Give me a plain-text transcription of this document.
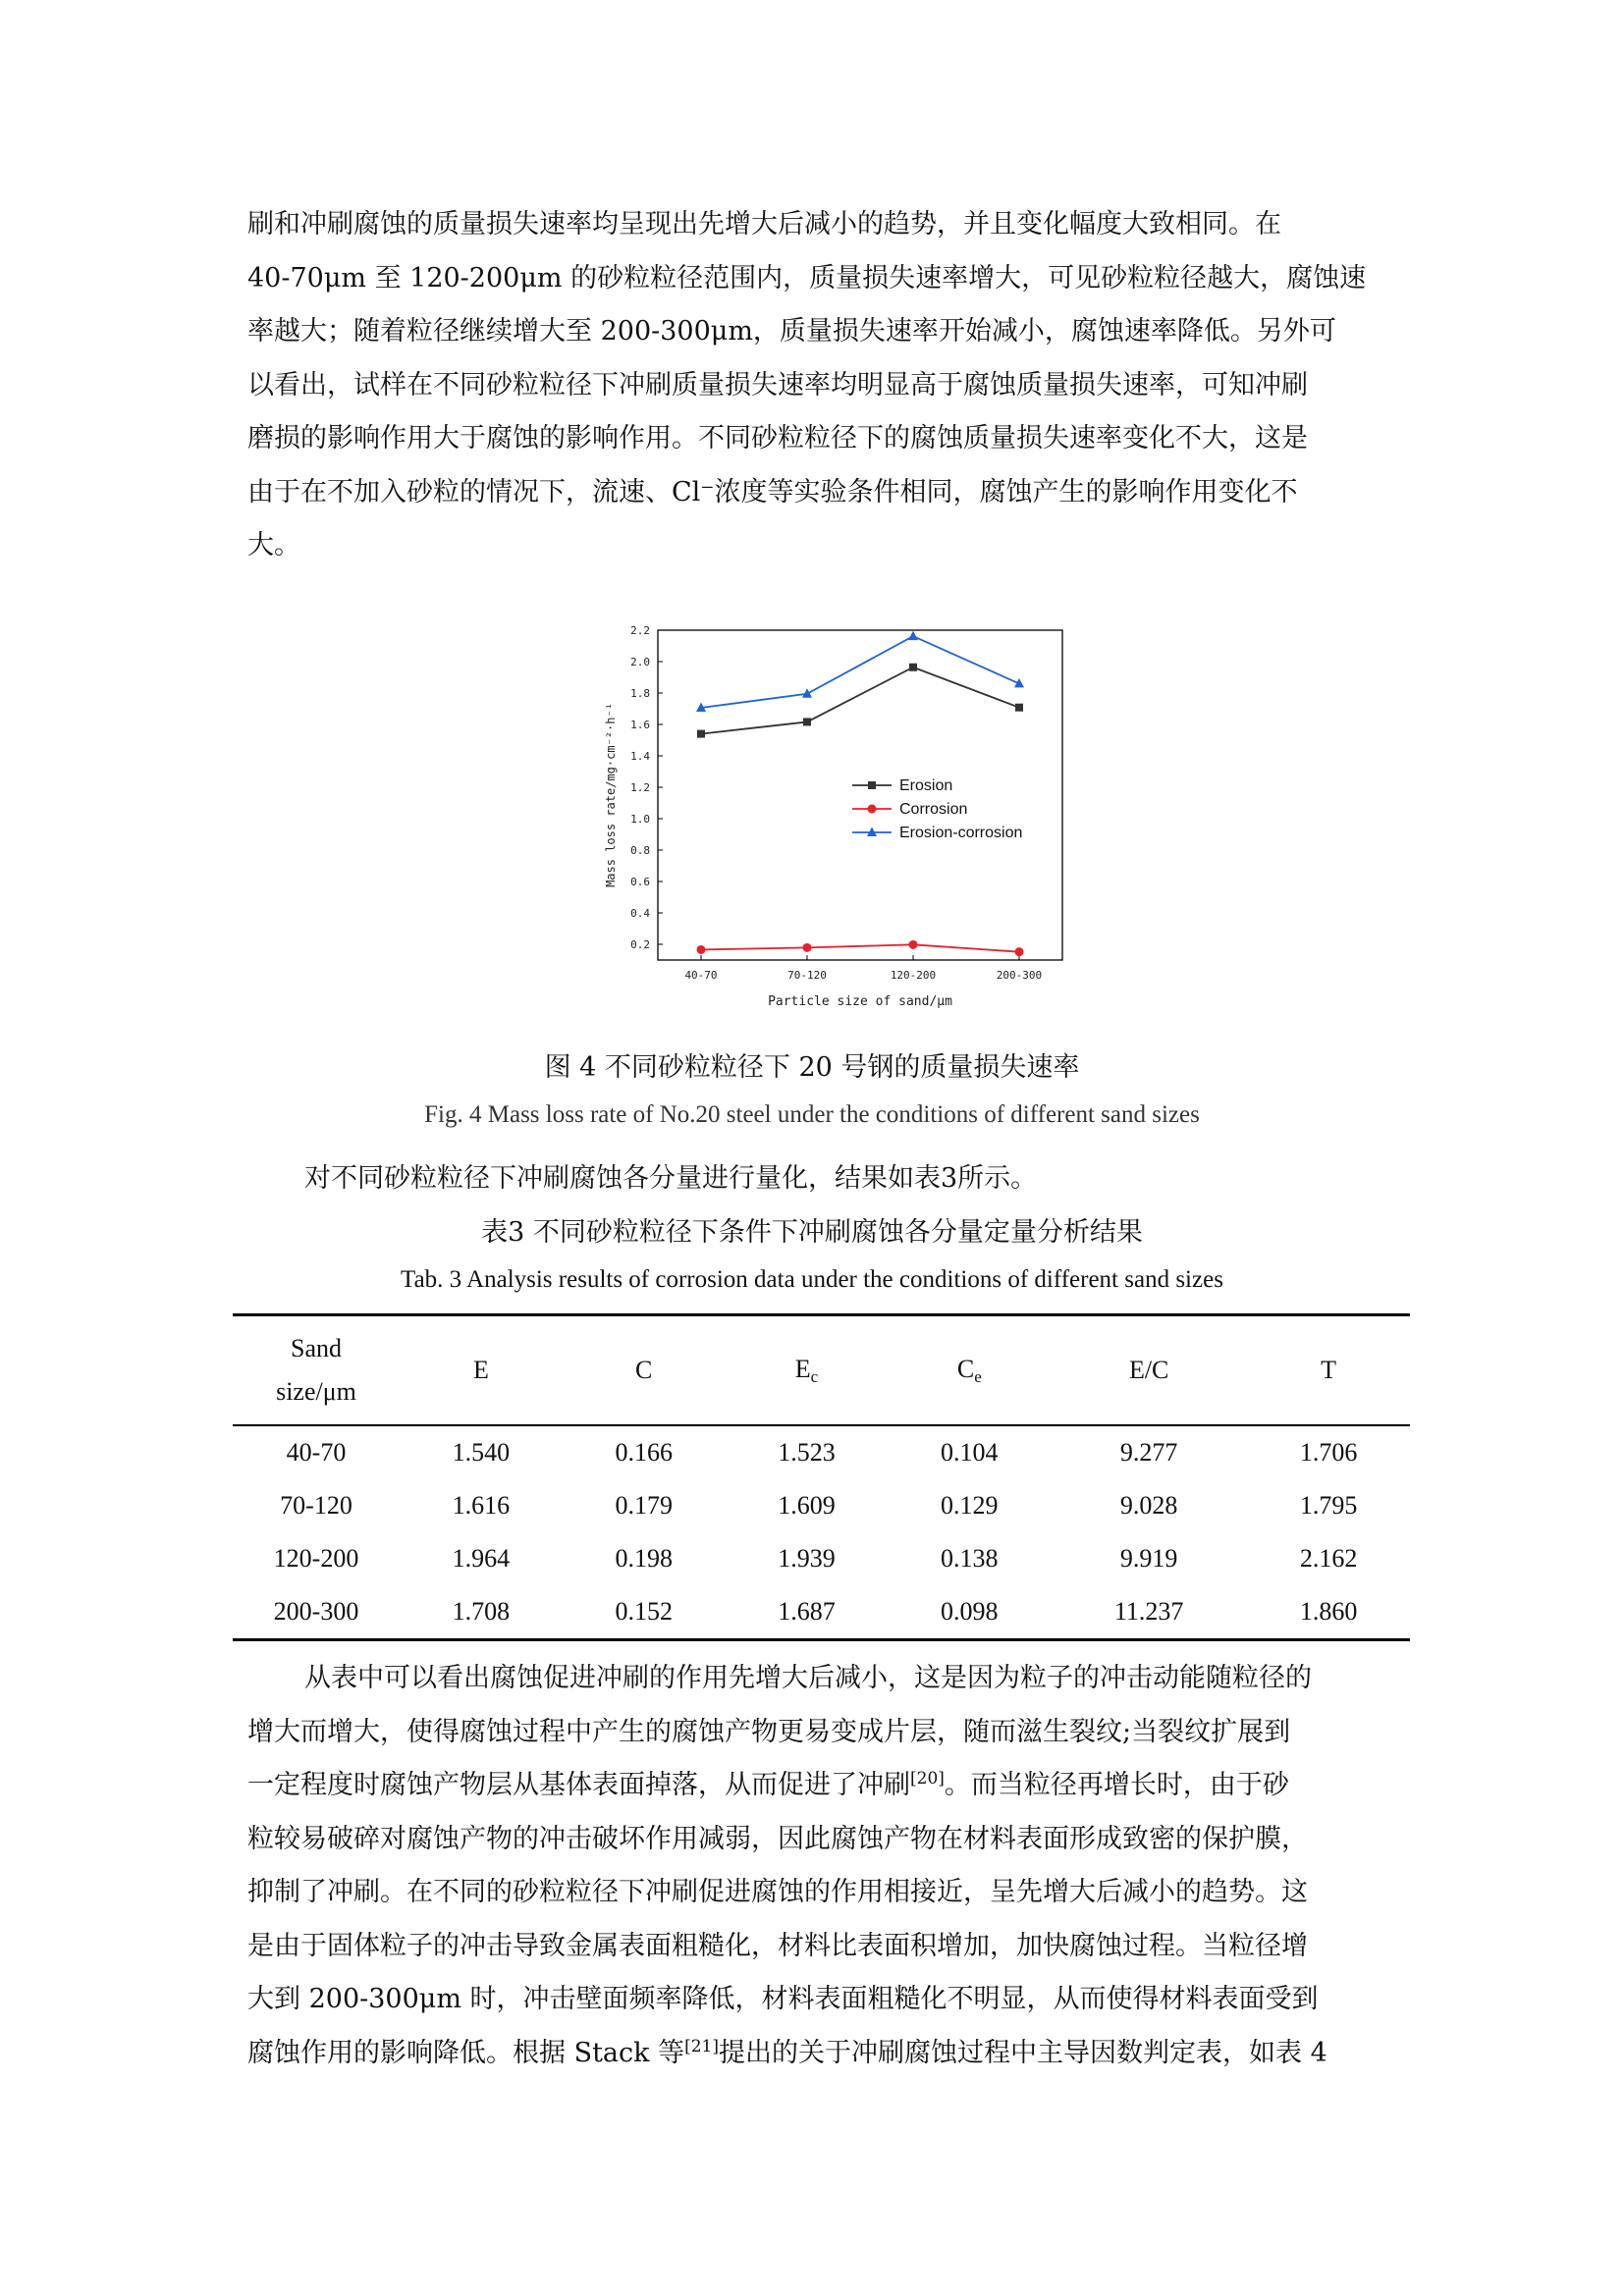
刷和冲刷腐蚀的质量损失速率均呈现出先增大后减小的趋势，并且变化幅度大致相同。在
40-70μm 至 120-200μm 的砂粒粒径范围内，质量损失速率增大，可见砂粒粒径越大，腐蚀速
率越大；随着粒径继续增大至 200-300μm，质量损失速率开始减小，腐蚀速率降低。另外可
以看出，试样在不同砂粒粒径下冲刷质量损失速率均明显高于腐蚀质量损失速率，可知冲刷
磨损的影响作用大于腐蚀的影响作用。不同砂粒粒径下的腐蚀质量损失速率变化不大，这是
由于在不加入砂粒的情况下，流速、Cl⁻浓度等实验条件相同，腐蚀产生的影响作用变化不
大。
0.2
0.4
0.6
0.8
1.0
1.2
1.4
1.6
1.8
2.0
2.2
40-70	70-120	120-200	200-300
Particle size of sand/μm
Mass loss rate/mg·cm⁻²·h⁻¹	Erosion
Corrosion
Erosion-corrosion
图 4 不同砂粒粒径下 20 号钢的质量损失速率
Fig. 4 Mass loss rate of No.20 steel under the conditions of different sand sizes
对不同砂粒粒径下冲刷腐蚀各分量进行量化，结果如表3所示。
表3 不同砂粒粒径下条件下冲刷腐蚀各分量定量分析结果
Tab. 3 Analysis results of corrosion data under the conditions of different sand sizes
Sand
size/μm	E	C	$E_c$	$C_e$	E/C	T
40-70	1.540	0.166	1.523	0.104	9.277	1.706
70-120	1.616	0.179	1.609	0.129	9.028	1.795
120-200	1.964	0.198	1.939	0.138	9.919	2.162
200-300	1.708	0.152	1.687	0.098	11.237	1.860
从表中可以看出腐蚀促进冲刷的作用先增大后减小，这是因为粒子的冲击动能随粒径的
增大而增大，使得腐蚀过程中产生的腐蚀产物更易变成片层，随而滋生裂纹;当裂纹扩展到
一定程度时腐蚀产物层从基体表面掉落，从而促进了冲刷[20]。而当粒径再增长时，由于砂
粒较易破碎对腐蚀产物的冲击破坏作用减弱，因此腐蚀产物在材料表面形成致密的保护膜，
抑制了冲刷。在不同的砂粒粒径下冲刷促进腐蚀的作用相接近，呈先增大后减小的趋势。这
是由于固体粒子的冲击导致金属表面粗糙化，材料比表面积增加，加快腐蚀过程。当粒径增
大到 200-300μm 时，冲击壁面频率降低，材料表面粗糙化不明显，从而使得材料表面受到
腐蚀作用的影响降低。根据 Stack 等[21]提出的关于冲刷腐蚀过程中主导因数判定表，如表 4
